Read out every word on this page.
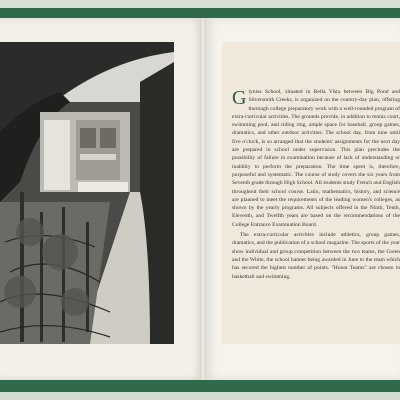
Glyniss School, situated in Bella Vista between Big Pond and Silversmith Creeks, is organized on the country-day plan, offering thorough college preparatory work with a well-rounded program of extra-curricular activities. The grounds provide, in addition to tennis court, swimming pool, and riding ring, ample space for baseball, group games, dramatics, and other outdoor activities. The school day, from nine until five o'clock, is so arranged that the students' assignments for the next day are prepared in school under supervision. This plan precludes the possibility of failure in examination because of lack of understanding or inability to perform the preparation. The time spent is, therefore, purposeful and systematic. The course of study covers the six years from Seventh grade through High School. All students study French and English throughout their school course. Latin, mathematics, history, and science are planned to meet the requirements of the leading women's colleges, as shown by the yearly programs. All subjects offered in the Ninth, Tenth, Eleventh, and Twelfth years are based on the recommendations of the College Entrance Examination Board.

The extra-curricular activities include athletics, group games, dramatics, and the publication of a school magazine. The sports of the year show individual and group competition between the two teams, the Green and the White, the school banner being awarded in June to the team which has secured the highest number of points. "Honor Teams" are chosen in basketball and swimming.
